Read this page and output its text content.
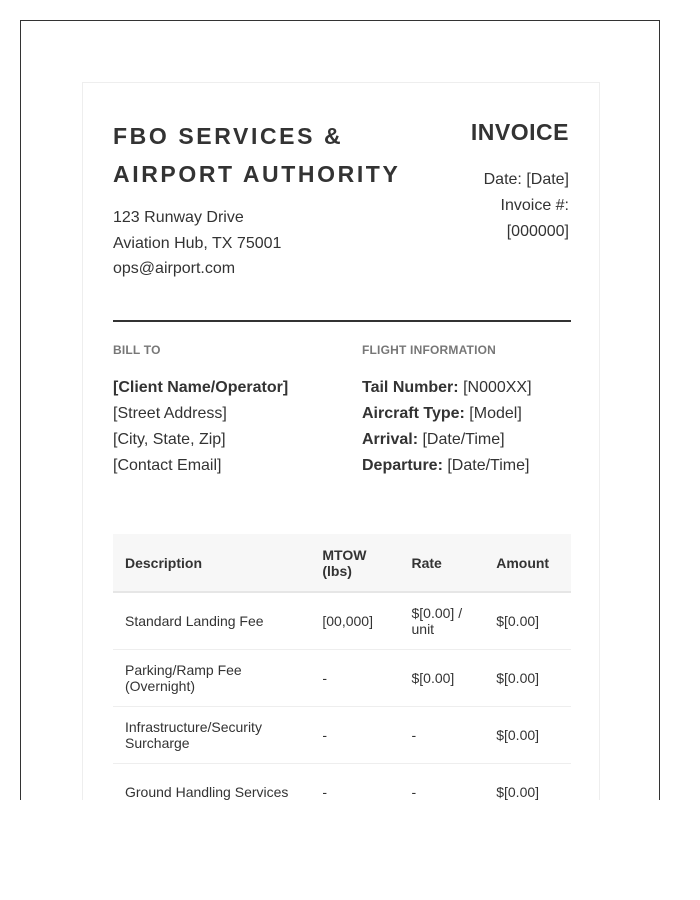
FBO SERVICES & AIRPORT AUTHORITY
123 Runway Drive
Aviation Hub, TX 75001
ops@airport.com
INVOICE
Date: [Date]
Invoice #:
[000000]
BILL TO	FLIGHT INFORMATION
[Client Name/Operator]
[Street Address]
[City, State, Zip]
[Contact Email]
Tail Number: [N000XX]
Aircraft Type: [Model]
Arrival: [Date/Time]
Departure: [Date/Time]
Description	MTOW (lbs)	Rate	Amount
Standard Landing Fee	[00,000]	$[0.00] / unit	$[0.00]
Parking/Ramp Fee (Overnight)	-	$[0.00]	$[0.00]
Infrastructure/Security Surcharge	-	-	$[0.00]
Ground Handling Services	-	-	$[0.00]
